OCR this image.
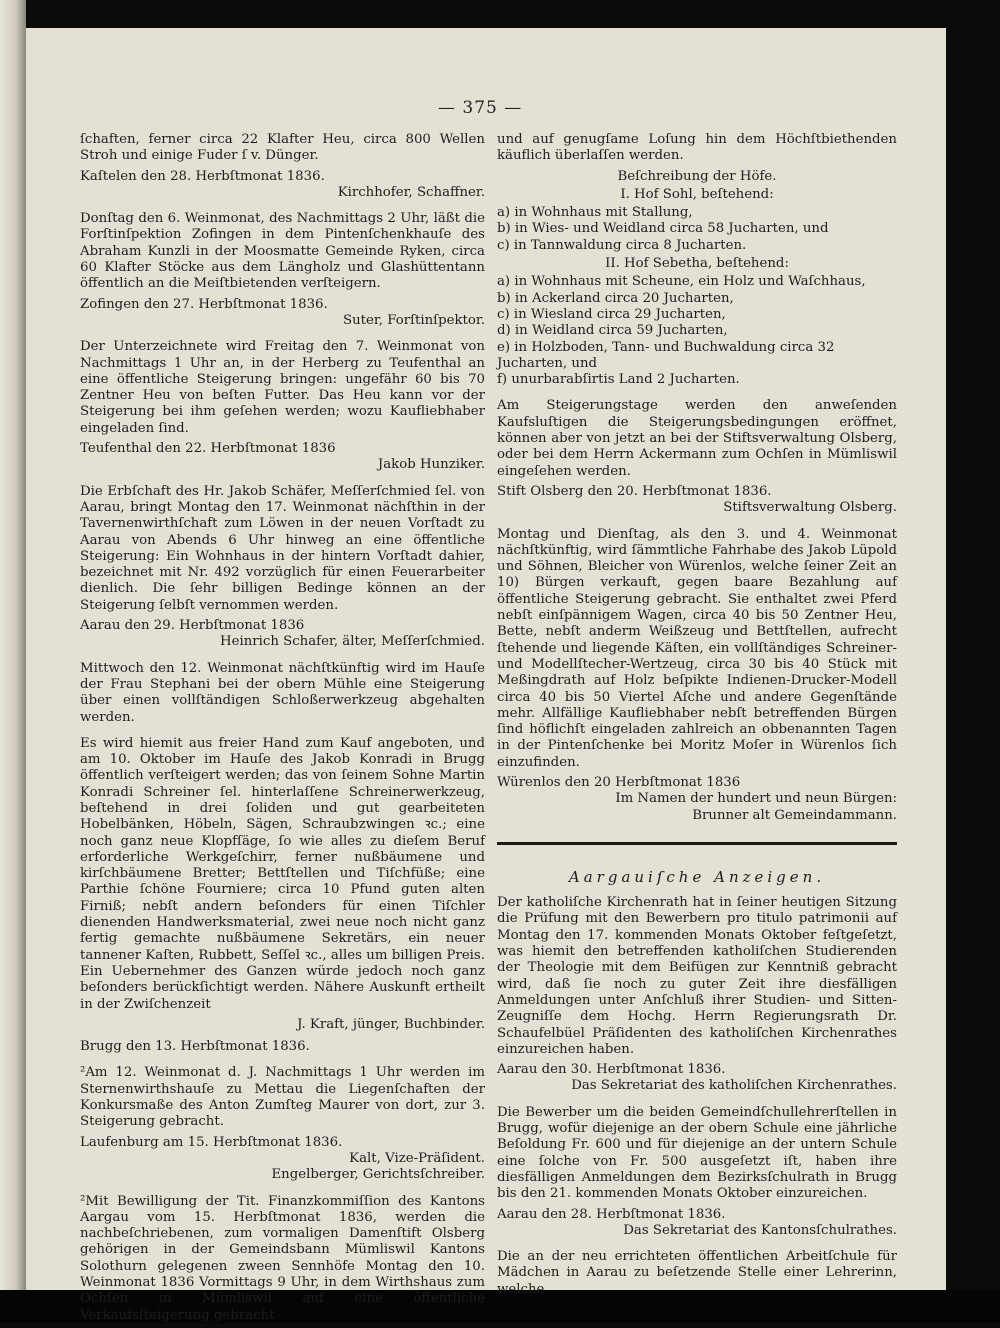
— 375 —

ſchaften, ferner circa 22 Klafter Heu, circa 800 Wellen Stroh und einige Fuder ſ v. Dünger.

Kaſtelen den 28. Herbſtmonat 1836.

Kirchhofer, Schaffner.

Donſtag den 6. Weinmonat, des Nachmittags 2 Uhr, läßt die Forſtinſpektion Zofingen in dem Pintenſchenkhauſe des Abraham Kunzli in der Moosmatte Gemeinde Ryken, circa 60 Klafter Stöcke aus dem Längholz und Glashüttentann öffentlich an die Meiſtbietenden verſteigern.

Zofingen den 27. Herbſtmonat 1836.

Suter, Forſtinſpektor.

Der Unterzeichnete wird Freitag den 7. Weinmonat von Nachmittags 1 Uhr an, in der Herberg zu Teufenthal an eine öffentliche Steigerung bringen: ungefähr 60 bis 70 Zentner Heu von beſten Futter. Das Heu kann vor der Steigerung bei ihm geſehen werden; wozu Kaufliebhaber eingeladen ſind.

Teufenthal den 22. Herbſtmonat 1836

Jakob Hunziker.

Die Erbſchaft des Hr. Jakob Schäfer, Meſſerſchmied ſel. von Aarau, bringt Montag den 17. Weinmonat nächſthin in der Tavernenwirthſchaft zum Löwen in der neuen Vorſtadt zu Aarau von Abends 6 Uhr hinweg an eine öffentliche Steigerung: Ein Wohnhaus in der hintern Vorſtadt dahier, bezeichnet mit Nr. 492 vorzüglich für einen Feuerarbeiter dienlich. Die ſehr billigen Bedinge können an der Steigerung ſelbſt vernommen werden.

Aarau den 29. Herbſtmonat 1836

Heinrich Schafer, älter, Meſſerſchmied.

Mittwoch den 12. Weinmonat nächſtkünftig wird im Hauſe der Frau Stephani bei der obern Mühle eine Steigerung über einen vollſtändigen Schloßerwerkzeug abgehalten werden.

Es wird hiemit aus freier Hand zum Kauf angeboten, und am 10. Oktober im Hauſe des Jakob Konradi in Brugg öffentlich verſteigert werden; das von ſeinem Sohne Martin Konradi Schreiner ſel. hinterlaſſene Schreinerwerkzeug, beſtehend in drei ſoliden und gut gearbeiteten Hobelbänken, Höbeln, Sägen, Schraubzwingen ꝛc.; eine noch ganz neue Klopfſäge, ſo wie alles zu dieſem Beruf erforderliche Werkgeſchirr, ferner nußbäumene und kirſchbäumene Bretter; Bettſtellen und Tiſchfüße; eine Parthie ſchöne Fourniere; circa 10 Pfund guten alten Firniß; nebſt andern beſonders für einen Tiſchler dienenden Handwerksmaterial, zwei neue noch nicht ganz fertig gemachte nußbäumene Sekretärs, ein neuer tannener Kaſten, Rubbett, Seſſel ꝛc., alles um billigen Preis. Ein Uebernehmer des Ganzen würde jedoch noch ganz beſonders berückſichtigt werden. Nähere Auskunft ertheilt in der Zwiſchenzeit

J. Kraft, jünger, Buchbinder.

Brugg den 13. Herbſtmonat 1836.

²Am 12. Weinmonat d. J. Nachmittags 1 Uhr werden im Sternenwirthshauſe zu Mettau die Liegenſchaften der Konkursmaße des Anton Zumſteg Maurer von dort, zur 3. Steigerung gebracht.

Laufenburg am 15. Herbſtmonat 1836.

Kalt, Vize-Präſident.

Engelberger, Gerichtsſchreiber.

²Mit Bewilligung der Tit. Finanzkommiſſion des Kantons Aargau vom 15. Herbſtmonat 1836, werden die nachbeſchriebenen, zum vormaligen Damenſtift Olsberg gehörigen in der Gemeindsbann Mümliswil Kantons Solothurn gelegenen zween Sennhöfe Montag den 10. Weinmonat 1836 Vormittags 9 Uhr, in dem Wirthshaus zum Ochſen in Mümliswil auf eine öffentliche Verkaufsſteigerung gebracht

und auf genugſame Loſung hin dem Höchſtbiethenden käuflich überlaſſen werden.

Beſchreibung der Höfe.

I. Hof Sohl, beſtehend:

a) in Wohnhaus mit Stallung,

b) in Wies- und Weidland circa 58 Jucharten, und

c) in Tannwaldung circa 8 Jucharten.

II. Hof Sebetha, beſtehend:

a) in Wohnhaus mit Scheune, ein Holz und Waſchhaus,

b) in Ackerland circa 20 Jucharten,

c) in Wiesland circa 29 Jucharten,

d) in Weidland circa 59 Jucharten,

e) in Holzboden, Tann- und Buchwaldung circa 32 Jucharten, und

f) unurbarabſirtis Land 2 Jucharten.

Am Steigerungstage werden den anweſenden Kaufsluſtigen die Steigerungsbedingungen eröffnet, können aber von jetzt an bei der Stiftsverwaltung Olsberg, oder bei dem Herrn Ackermann zum Ochſen in Mümliswil eingeſehen werden.

Stift Olsberg den 20. Herbſtmonat 1836.

Stiftsverwaltung Olsberg.

Montag und Dienſtag, als den 3. und 4. Weinmonat nächſtkünftig, wird ſämmtliche Fahrhabe des Jakob Lüpold und Söhnen, Bleicher von Würenlos, welche ſeiner Zeit an 10) Bürgen verkauft, gegen baare Bezahlung auf öffentliche Steigerung gebracht. Sie enthaltet zwei Pferd nebſt einſpännigem Wagen, circa 40 bis 50 Zentner Heu, Bette, nebſt anderm Weißzeug und Bettſtellen, aufrecht ſtehende und liegende Käſten, ein vollſtändiges Schreiner- und Modellſtecher-Wertzeug, circa 30 bis 40 Stück mit Meßingdrath auf Holz beſpikte Indienen-Drucker-Modell circa 40 bis 50 Viertel Aſche und andere Gegenſtände mehr. Allfällige Kaufliebhaber nebſt betreffenden Bürgen ſind höflichſt eingeladen zahlreich an obbenannten Tagen in der Pintenſchenke bei Moritz Moſer in Würenlos ſich einzufinden.

Würenlos den 20 Herbſtmonat 1836

Im Namen der hundert und neun Bürgen:

Brunner alt Gemeindammann.

Aargauiſche Anzeigen.

Der katholiſche Kirchenrath hat in ſeiner heutigen Sitzung die Prüfung mit den Bewerbern pro titulo patrimonii auf Montag den 17. kommenden Monats Oktober feſtgeſetzt, was hiemit den betreffenden katholiſchen Studierenden der Theologie mit dem Beifügen zur Kenntniß gebracht wird, daß ſie noch zu guter Zeit ihre diesfälligen Anmeldungen unter Anſchluß ihrer Studien- und Sitten-Zeugniſſe dem Hochg. Herrn Regierungsrath Dr. Schaufelbüel Präſidenten des katholiſchen Kirchenrathes einzureichen haben.

Aarau den 30. Herbſtmonat 1836.

Das Sekretariat des katholiſchen Kirchenrathes.

Die Bewerber um die beiden Gemeindſchullehrerſtellen in Brugg, wofür diejenige an der obern Schule eine jährliche Beſoldung Fr. 600 und für diejenige an der untern Schule eine ſolche von Fr. 500 ausgeſetzt iſt, haben ihre diesfälligen Anmeldungen dem Bezirksſchulrath in Brugg bis den 21. kommenden Monats Oktober einzureichen.

Aarau den 28. Herbſtmonat 1836.

Das Sekretariat des Kantonsſchulrathes.

Die an der neu errichteten öffentlichen Arbeitſchule für Mädchen in Aarau zu beſetzende Stelle einer Lehrerinn, welche
